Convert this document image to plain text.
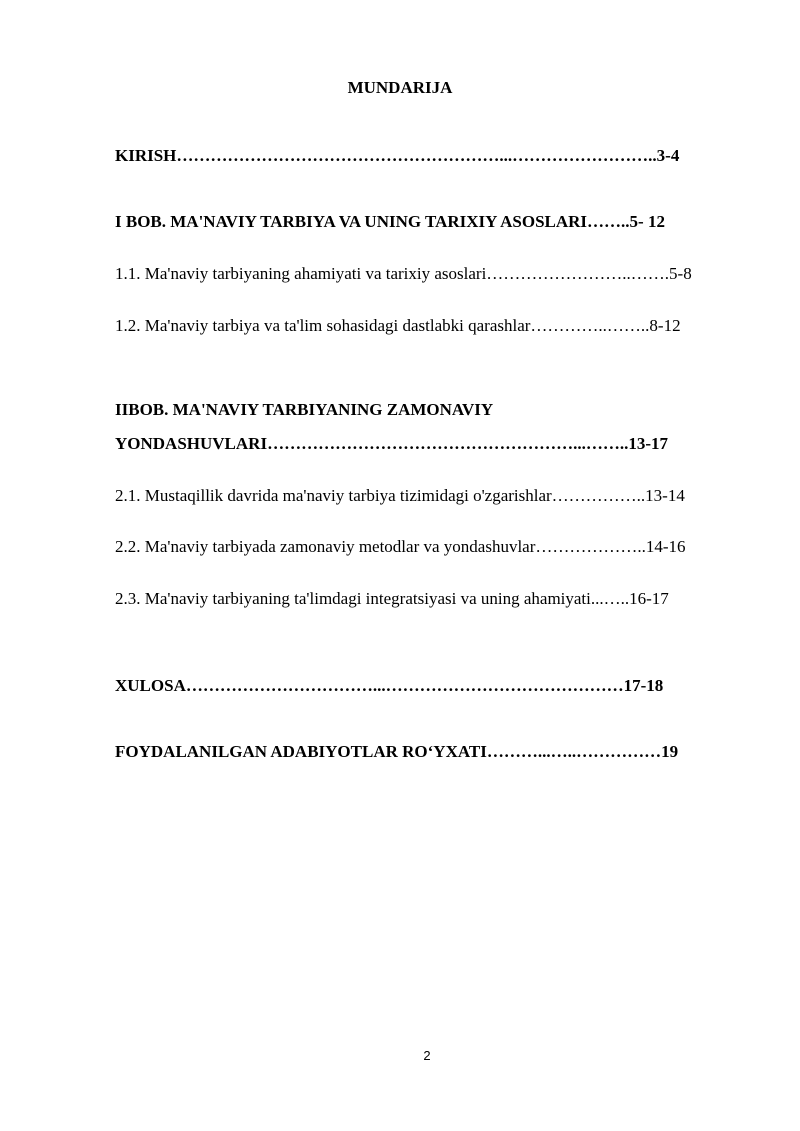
MUNDARIJA
KIRISH…………………………………………………...……………………..3-4
I BOB. MA'NAVIY TARBIYA VA UNING TARIXIY ASOSLARI……..5- 12
1.1. Ma'naviy tarbiyaning ahamiyati va tarixiy asoslari……………………..…….5-8
1.2. Ma'naviy tarbiya va ta'lim sohasidagi dastlabki qarashlar…………..……..8-12
IIBOB. MA'NAVIY TARBIYANING ZAMONAVIY
YONDASHUVLARI………………………………………………...……..13-17
2.1. Mustaqillik davrida ma'naviy tarbiya tizimidagi o'zgarishlar……………..13-14
2.2. Ma'naviy tarbiyada zamonaviy metodlar va yondashuvlar………………..14-16
2.3. Ma'naviy tarbiyaning ta'limdagi integratsiyasi va uning ahamiyati...…..16-17
XULOSA……………………………...……………………………………17-18
FOYDALANILGAN ADABIYOTLAR RO‘YXATI………...…..……………19
2
